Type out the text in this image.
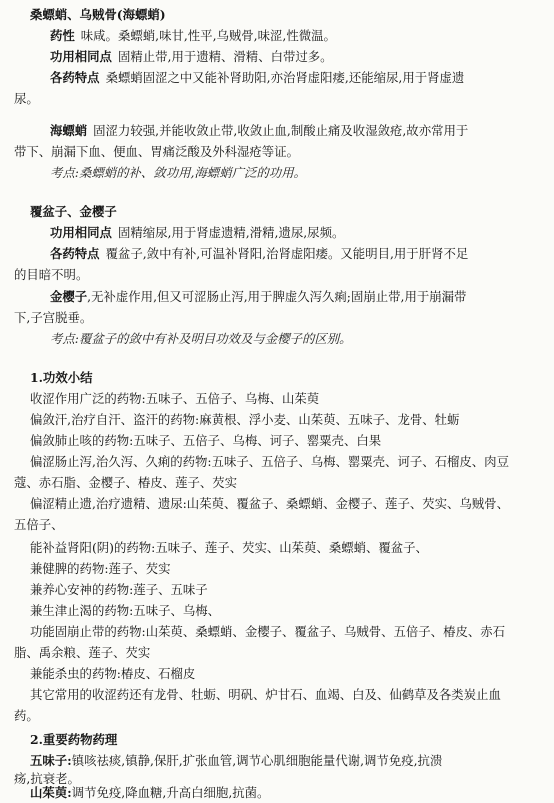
桑螵蛸、乌贼骨(海螵蛸)
药性 味咸。桑螵蛸,味甘,性平,乌贼骨,味涩,性微温。
功用相同点 固精止带,用于遗精、滑精、白带过多。
各药特点 桑螵蛸固涩之中又能补肾助阳,亦治肾虚阳痿,还能缩尿,用于肾虚遗
尿。
海螵蛸 固涩力较强,并能收敛止带,收敛止血,制酸止痛及收湿敛疮,故亦常用于
带下、崩漏下血、便血、胃痛泛酸及外科湿疮等证。
考点:桑螵蛸的补、敛功用,海螵蛸广泛的功用。
覆盆子、金樱子
功用相同点 固精缩尿,用于肾虚遗精,滑精,遗尿,尿频。
各药特点 覆盆子,敛中有补,可温补肾阳,治肾虚阳痿。又能明目,用于肝肾不足
的目暗不明。
金樱子,无补虚作用,但又可涩肠止泻,用于脾虚久泻久痢;固崩止带,用于崩漏带
下,子宫脱垂。
考点:覆盆子的敛中有补及明目功效及与金樱子的区别。
1.功效小结
收涩作用广泛的药物:五味子、五倍子、乌梅、山茱萸
偏敛汗,治疗自汗、盗汗的药物:麻黄根、浮小麦、山茱萸、五味子、龙骨、牡蛎
偏敛肺止咳的药物:五味子、五倍子、乌梅、诃子、罂粟壳、白果
偏涩肠止泻,治久泻、久痢的药物:五味子、五倍子、乌梅、罂粟壳、诃子、石榴皮、肉豆
蔻、赤石脂、金樱子、椿皮、莲子、芡实
偏涩精止遗,治疗遗精、遗尿:山茱萸、覆盆子、桑螵蛸、金樱子、莲子、芡实、乌贼骨、
五倍子、
能补益肾阳(阴)的药物:五味子、莲子、芡实、山茱萸、桑螵蛸、覆盆子、
兼健脾的药物:莲子、芡实
兼养心安神的药物:莲子、五味子
兼生津止渴的药物:五味子、乌梅、
功能固崩止带的药物:山茱萸、桑螵蛸、金樱子、覆盆子、乌贼骨、五倍子、椿皮、赤石
脂、禹余粮、莲子、芡实
兼能杀虫的药物:椿皮、石榴皮
其它常用的收涩药还有龙骨、牡蛎、明矾、炉甘石、血竭、白及、仙鹤草及各类炭止血
药。
2.重要药物药理
五味子:镇咳祛痰,镇静,保肝,扩张血管,调节心肌细胞能量代谢,调节免疫,抗溃
疡,抗衰老。
山茱萸:调节免疫,降血糖,升高白细胞,抗菌。
